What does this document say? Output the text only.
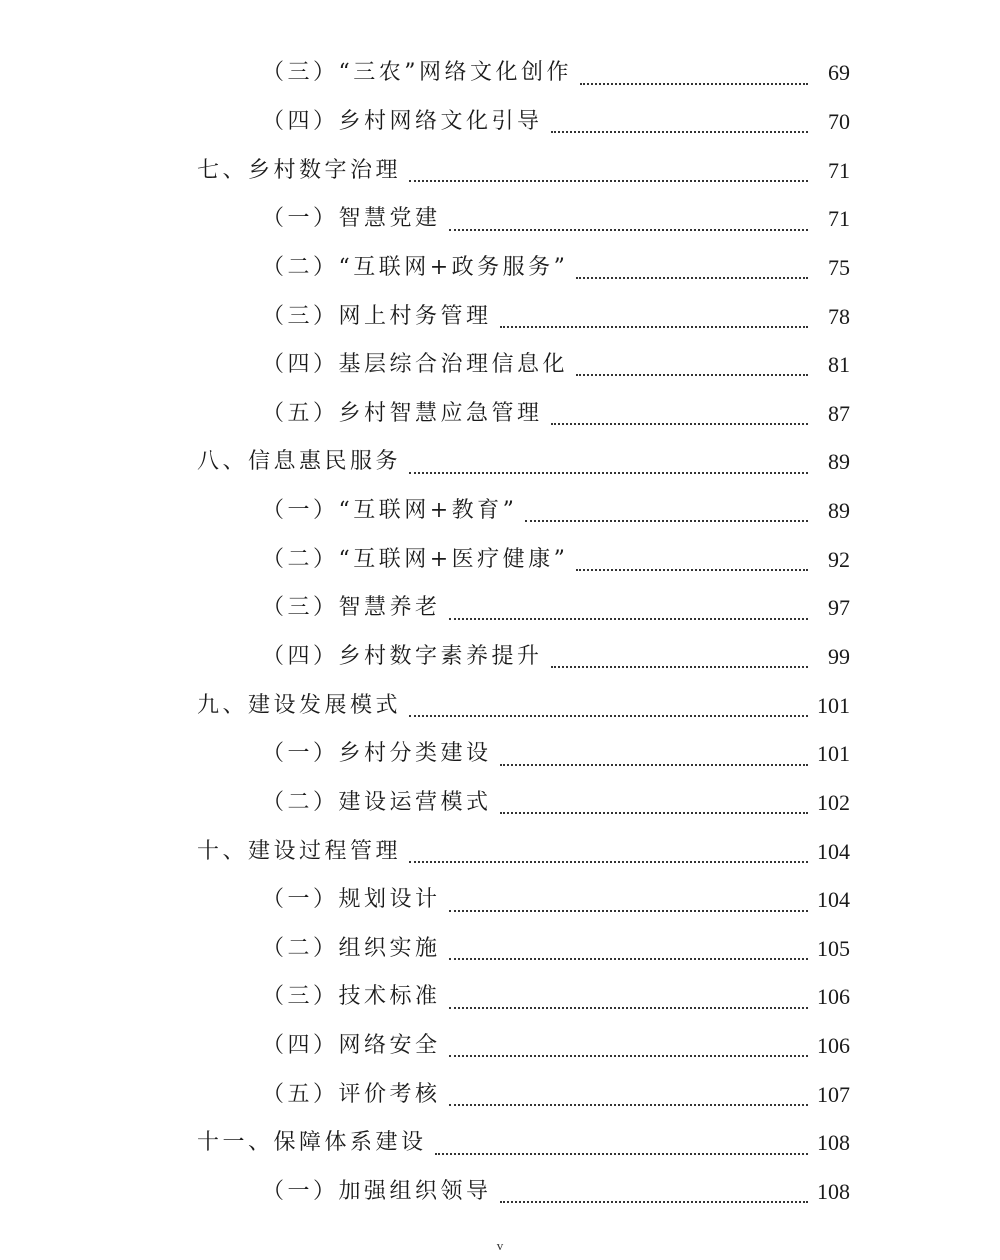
（三）“三农”网络文化创作	69
（四）乡村网络文化引导	70
七、乡村数字治理	71
（一）智慧党建	71
（二）“互联网+政务服务”	75
（三）网上村务管理	78
（四）基层综合治理信息化	81
（五）乡村智慧应急管理	87
八、信息惠民服务	89
（一）“互联网+教育”	89
（二）“互联网+医疗健康”	92
（三）智慧养老	97
（四）乡村数字素养提升	99
九、建设发展模式	101
（一）乡村分类建设	101
（二）建设运营模式	102
十、建设过程管理	104
（一）规划设计	104
（二）组织实施	105
（三）技术标准	106
（四）网络安全	106
（五）评价考核	107
十一、保障体系建设	108
（一）加强组织领导	108
v
